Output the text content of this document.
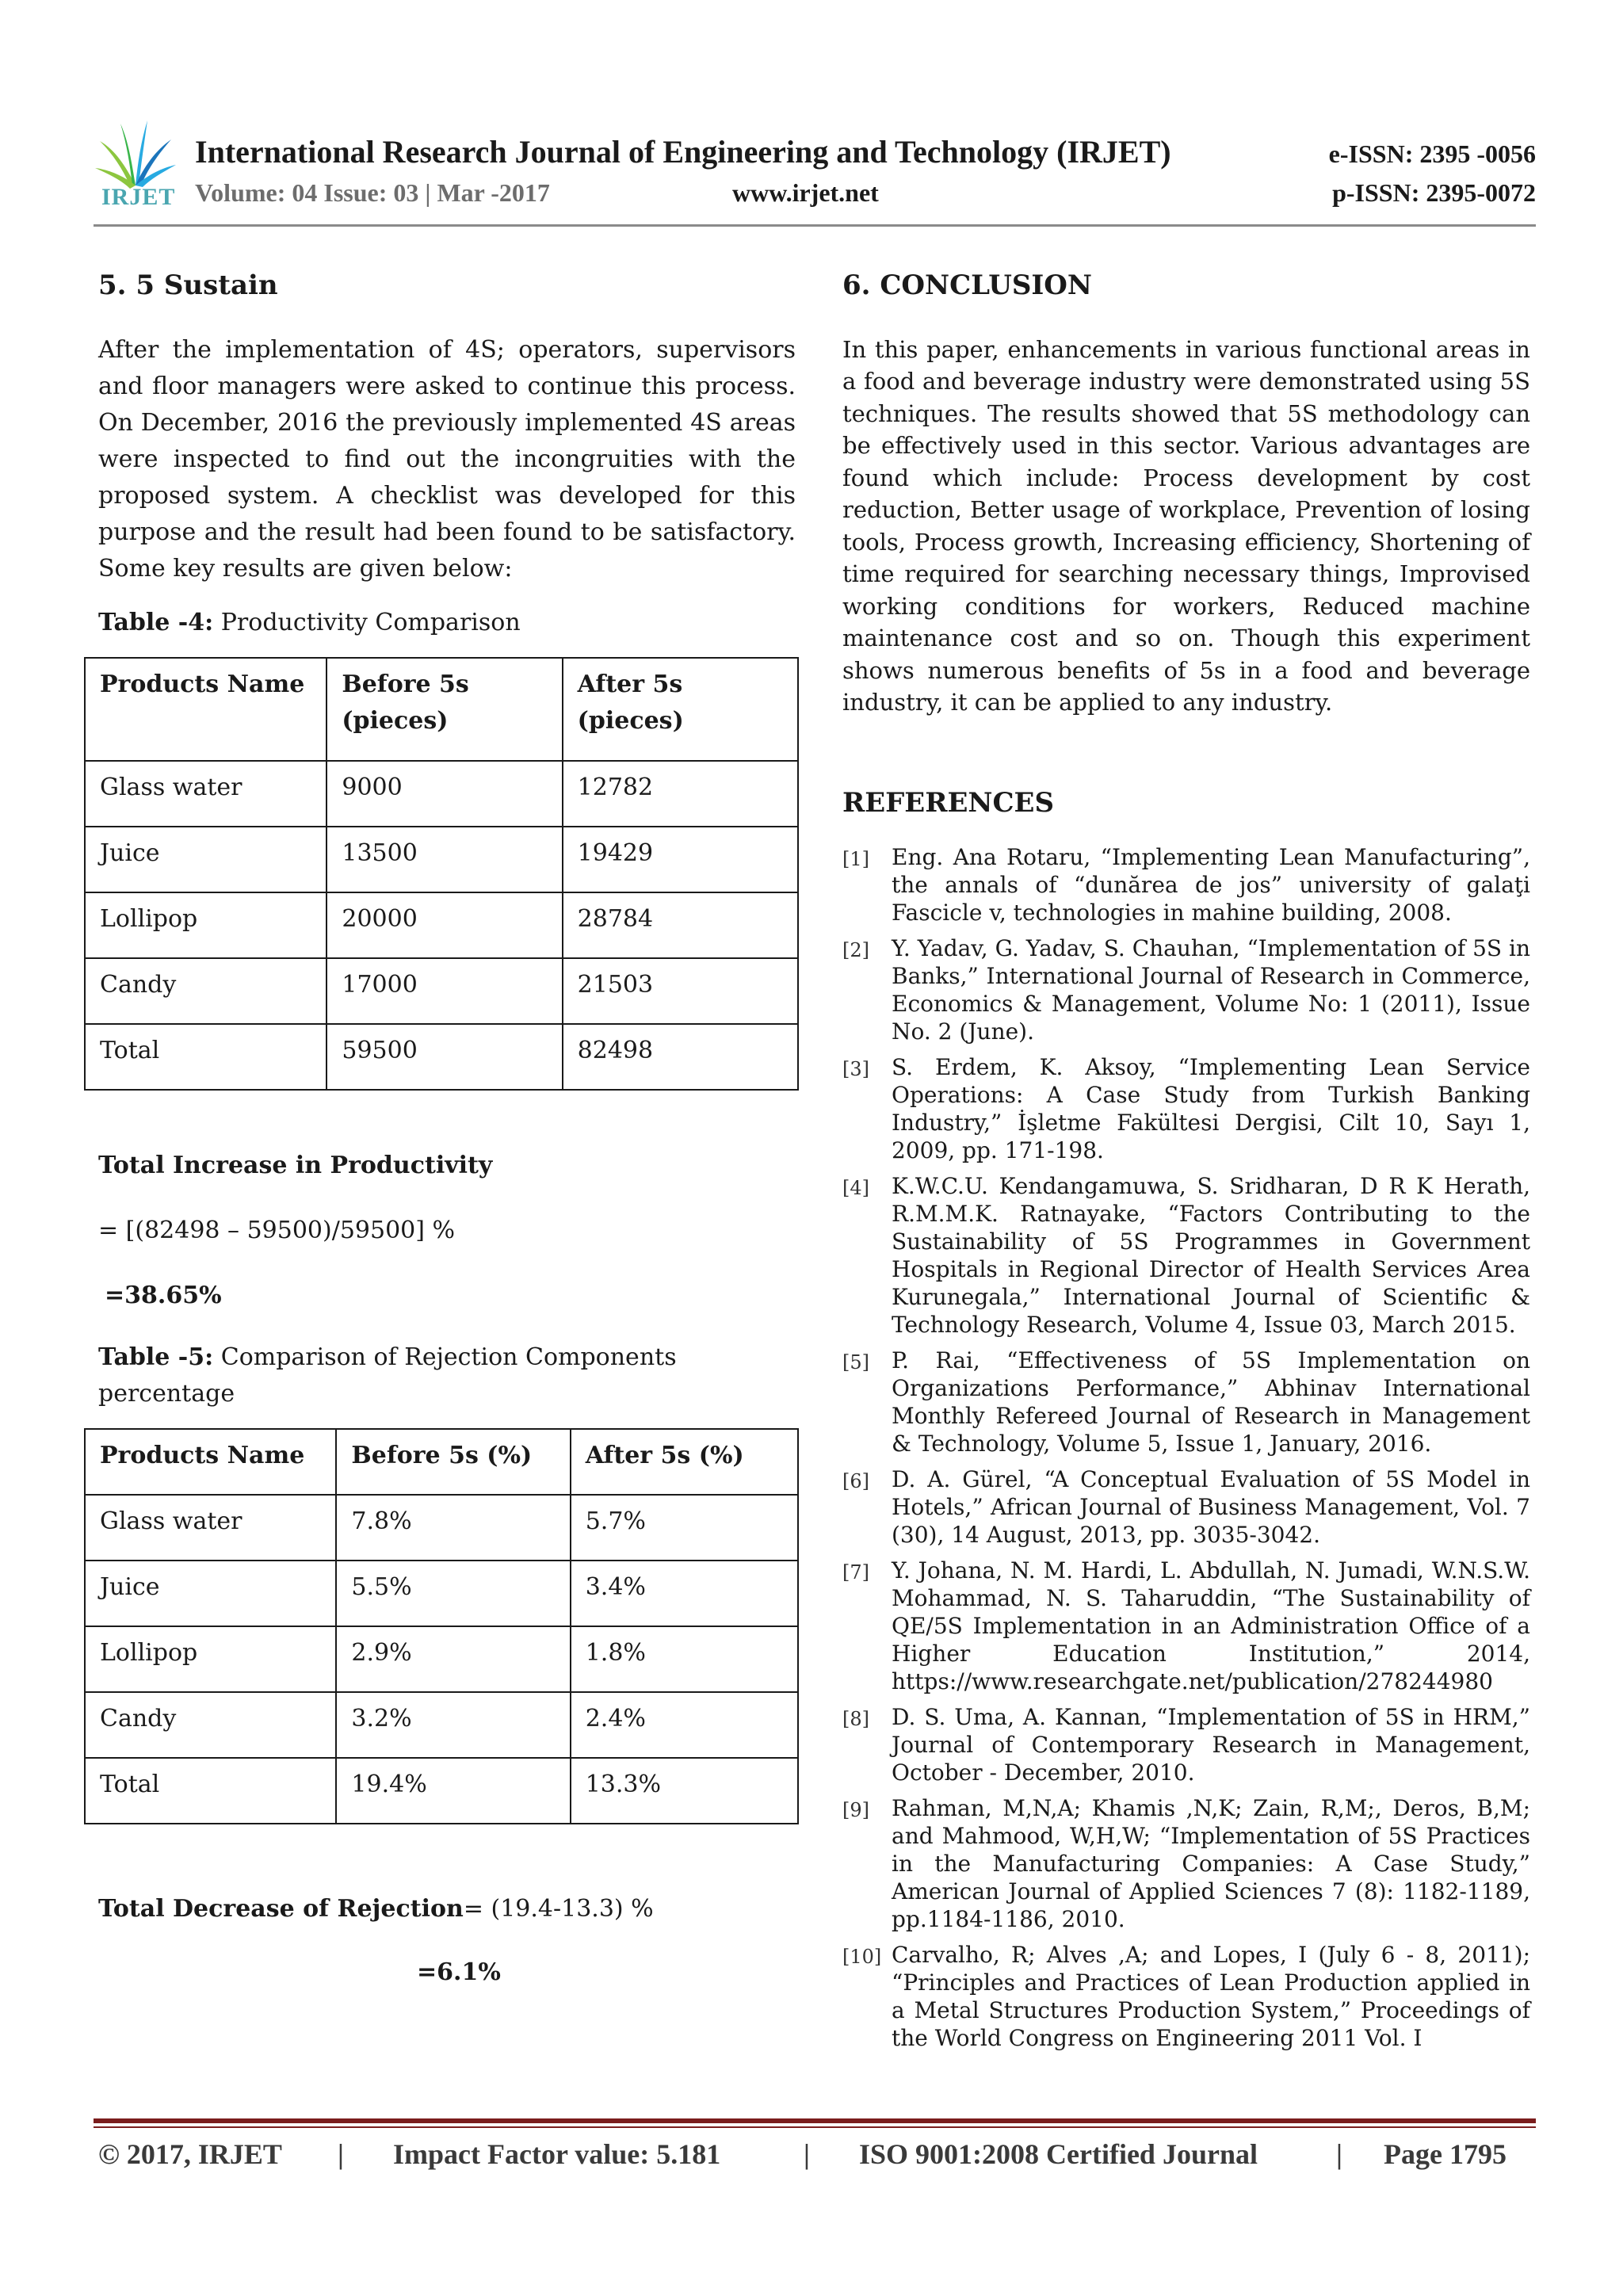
IRJET
International Research Journal of Engineering and Technology (IRJET)	e-ISSN: 2395 -0056
Volume: 04 Issue: 03 | Mar -2017	www.irjet.net	p-ISSN: 2395-0072
5. 5 Sustain

After the implementation of 4S; operators, supervisors and floor managers were asked to continue this process. On December, 2016 the previously implemented 4S areas were inspected to find out the incongruities with the proposed system. A checklist was developed for this purpose and the result had been found to be satisfactory. Some key results are given below:

Table -4: Productivity Comparison

Products Name	Before 5s (pieces)	After 5s (pieces)
Glass water	9000	12782
Juice	13500	19429
Lollipop	20000	28784
Candy	17000	21503
Total	59500	82498

Total Increase in Productivity

= [(82498 – 59500)/59500] %

=38.65%

Table -5: Comparison of Rejection Components percentage

Products Name	Before 5s (%)	After 5s (%)
Glass water	7.8%	5.7%
Juice	5.5%	3.4%
Lollipop	2.9%	1.8%
Candy	3.2%	2.4%
Total	19.4%	13.3%

Total Decrease of Rejection= (19.4-13.3) %

=6.1%

6. CONCLUSION

In this paper, enhancements in various functional areas in a food and beverage industry were demonstrated using 5S techniques. The results showed that 5S methodology can be effectively used in this sector. Various advantages are found which include: Process development by cost reduction, Better usage of workplace, Prevention of losing tools, Process growth, Increasing efficiency, Shortening of time required for searching necessary things, Improvised working conditions for workers, Reduced machine maintenance cost and so on. Though this experiment shows numerous benefits of 5s in a food and beverage industry, it can be applied to any industry.

REFERENCES
[1]	Eng. Ana Rotaru, “Implementing Lean Manufacturing”, the annals of “dunărea de jos” university of galaţi Fascicle v, technologies in mahine building, 2008.
[2]	Y. Yadav, G. Yadav, S. Chauhan, “Implementation of 5S in Banks,” International Journal of Research in Commerce, Economics & Management, Volume No: 1 (2011), Issue No. 2 (June).
[3]	S. Erdem, K. Aksoy, “Implementing Lean Service Operations: A Case Study from Turkish Banking Industry,” İşletme Fakültesi Dergisi, Cilt 10, Sayı 1, 2009, pp. 171-198.
[4]	K.W.C.U. Kendangamuwa, S. Sridharan, D R K Herath, R.M.M.K. Ratnayake, “Factors Contributing to the Sustainability of 5S Programmes in Government Hospitals in Regional Director of Health Services Area Kurunegala,” International Journal of Scientific & Technology Research, Volume 4, Issue 03, March 2015.
[5]	P. Rai, “Effectiveness of 5S Implementation on Organizations Performance,” Abhinav International Monthly Refereed Journal of Research in Management & Technology, Volume 5, Issue 1, January, 2016.
[6]	D. A. Gürel, “A Conceptual Evaluation of 5S Model in Hotels,” African Journal of Business Management, Vol. 7 (30), 14 August, 2013, pp. 3035-3042.
[7]	Y. Johana, N. M. Hardi, L. Abdullah, N. Jumadi, W.N.S.W. Mohammad, N. S. Taharuddin, “The Sustainability of QE/5S Implementation in an Administration Office of a Higher Education Institution,” 2014, https://www.researchgate.net/publication/278244980
[8]	D. S. Uma, A. Kannan, “Implementation of 5S in HRM,” Journal of Contemporary Research in Management, October - December, 2010.
[9]	Rahman, M,N,A; Khamis ,N,K; Zain, R,M;, Deros, B,M; and Mahmood, W,H,W; “Implementation of 5S Practices in the Manufacturing Companies: A Case Study,” American Journal of Applied Sciences 7 (8): 1182-1189, pp.1184-1186, 2010.
[10] Carvalho, R; Alves ,A; and Lopes, I (July 6 - 8, 2011); “Principles and Practices of Lean Production applied in a Metal Structures Production System,” Proceedings of the World Congress on Engineering 2011 Vol. I
© 2017, IRJET | Impact Factor value: 5.181	| ISO 9001:2008 Certified Journal	| Page 1795
